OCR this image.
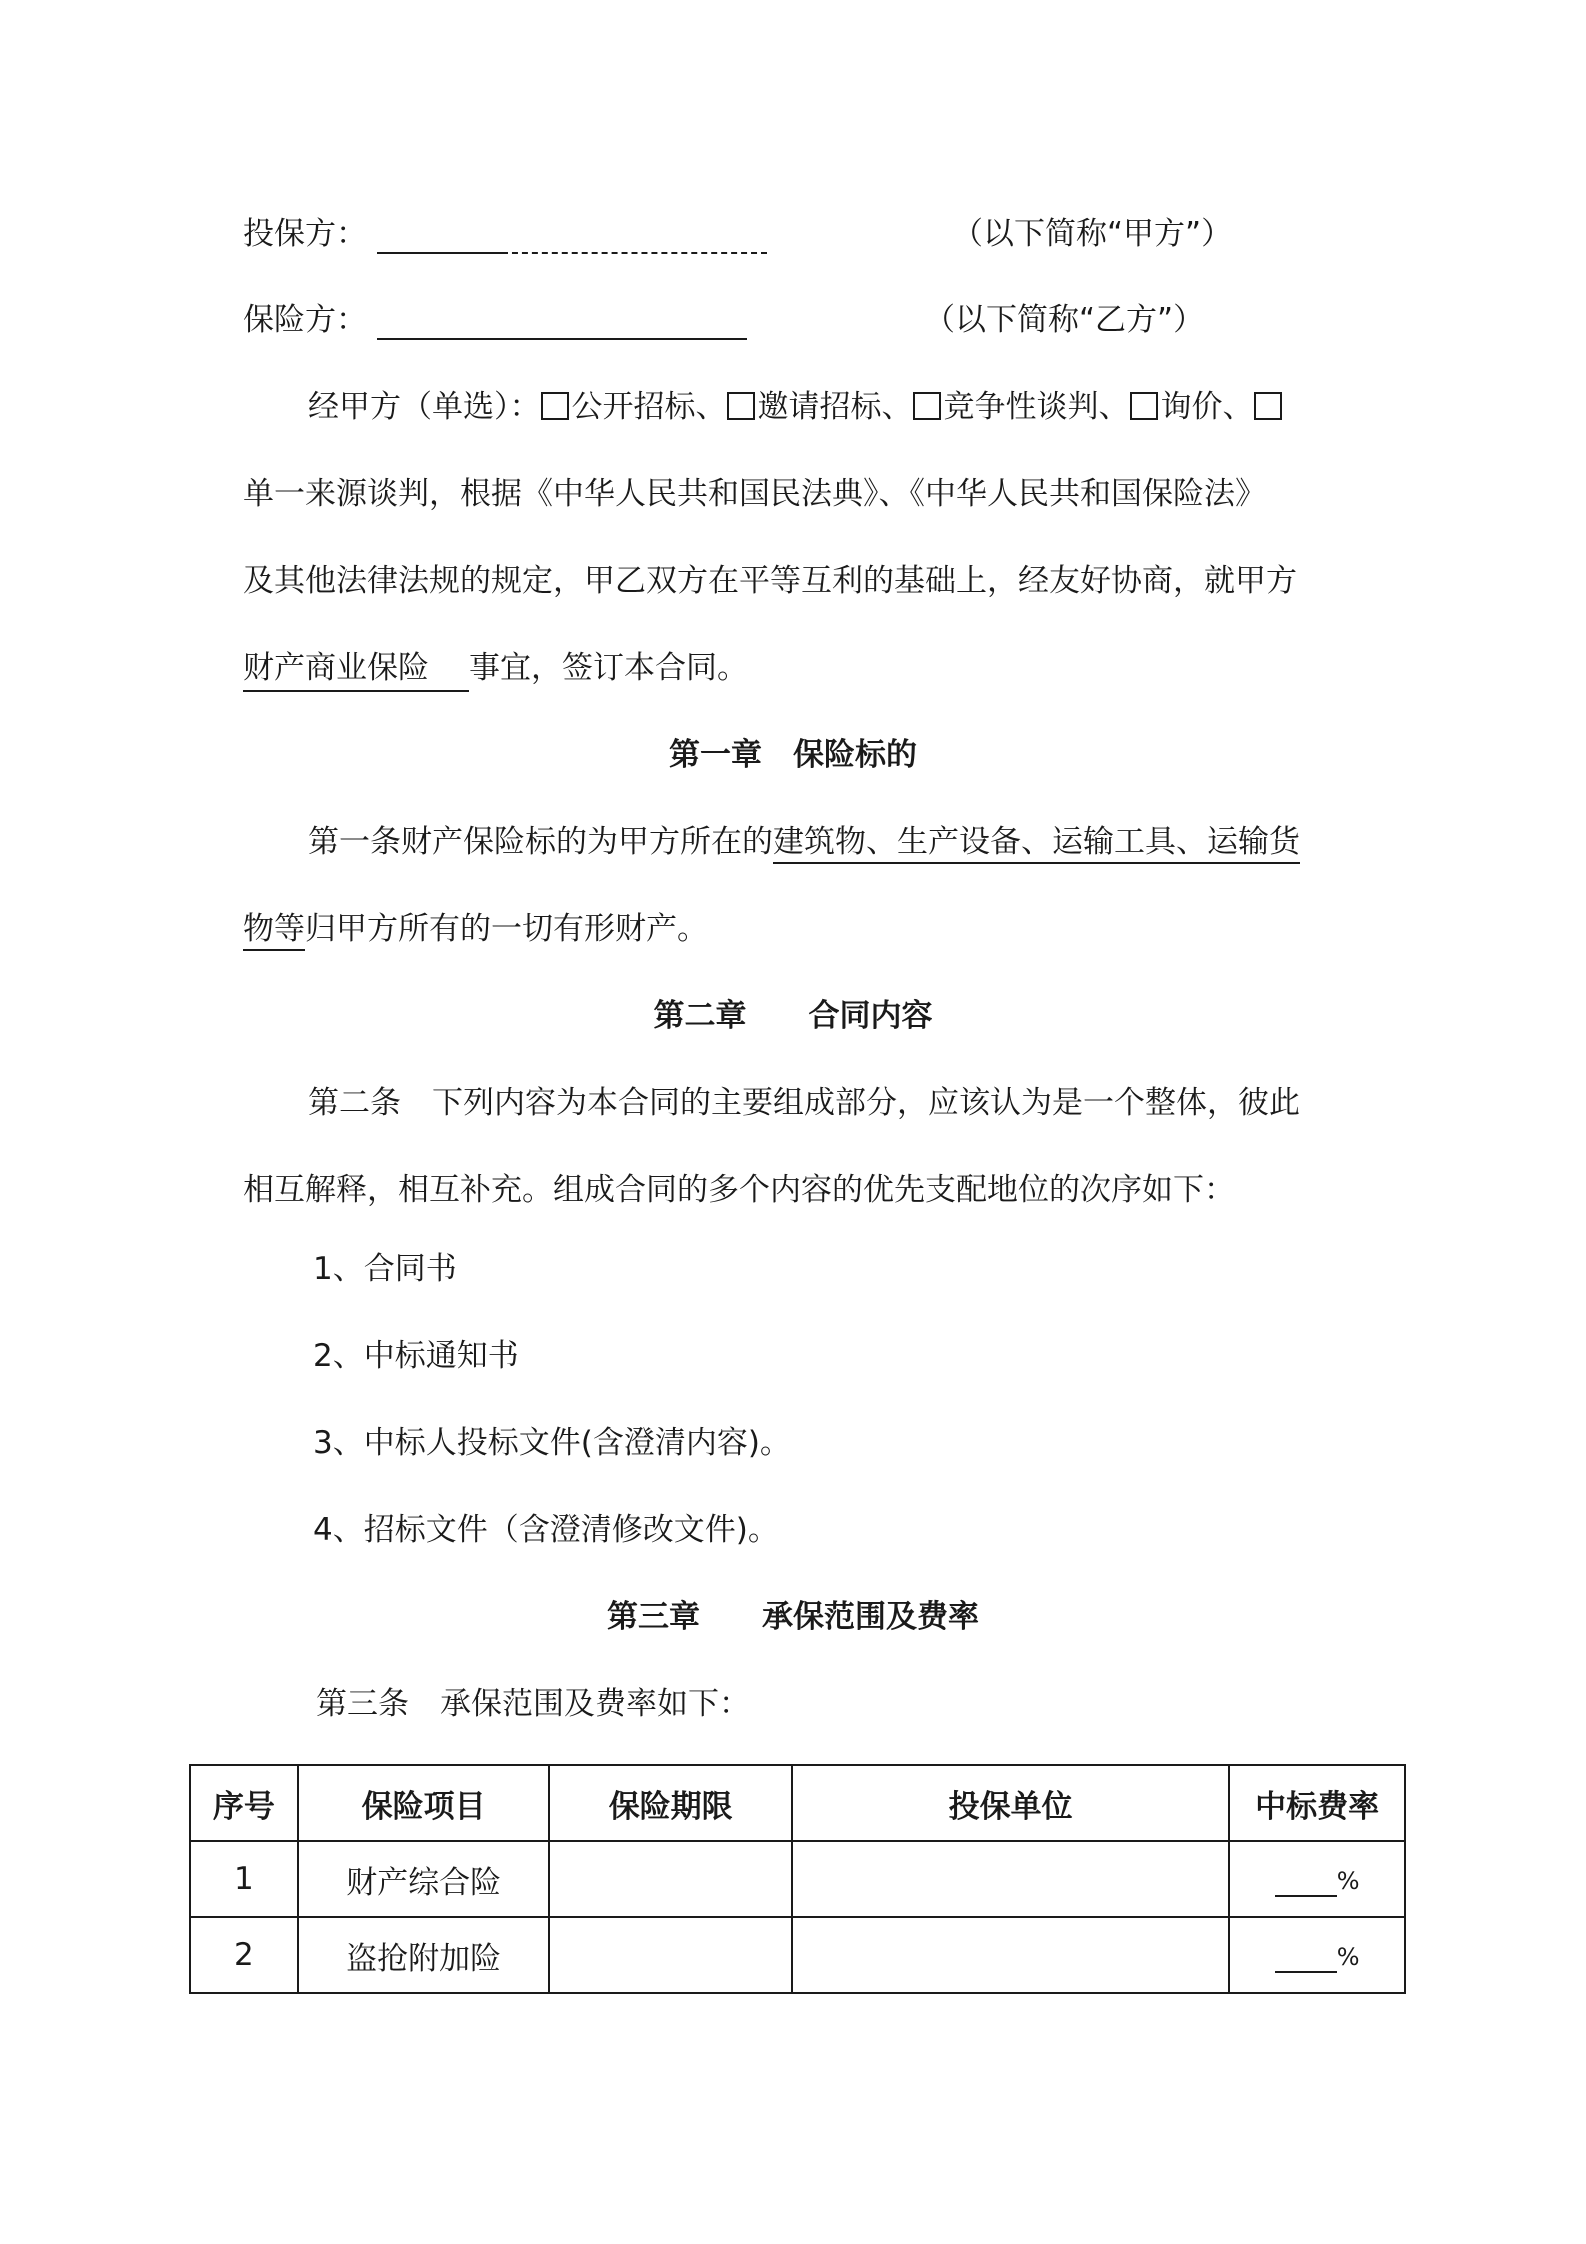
投保方：	（以下简称“甲方”）
保险方：	（以下简称“乙方”）
经甲方（单选）： 公开招标、 邀请招标、 竞争性谈判、 询价、
单一来源谈判，根据《中华人民共和国民法典》、《中华人民共和国保险法》
及其他法律法规的规定，甲乙双方在平等互利的基础上，经友好协商，就甲方
财产商业保险 事宜，签订本合同。
第一章　保险标的
第一条财产保险标的为甲方所在的建筑物、生产设备、运输工具、运输货
物等归甲方所有的一切有形财产。
第二章　　合同内容
第二条　下列内容为本合同的主要组成部分，应该认为是一个整体，彼此
相互解释，相互补充。组成合同的多个内容的优先支配地位的次序如下：
1、合同书
2、中标通知书
3、中标人投标文件(含澄清内容)。
4、招标文件（含澄清修改文件)。
第三章　　承保范围及费率
第三条　承保范围及费率如下：
序号	保险项目	保险期限	投保单位	中标费率
1	财产综合险			%
2	盗抢附加险			%
